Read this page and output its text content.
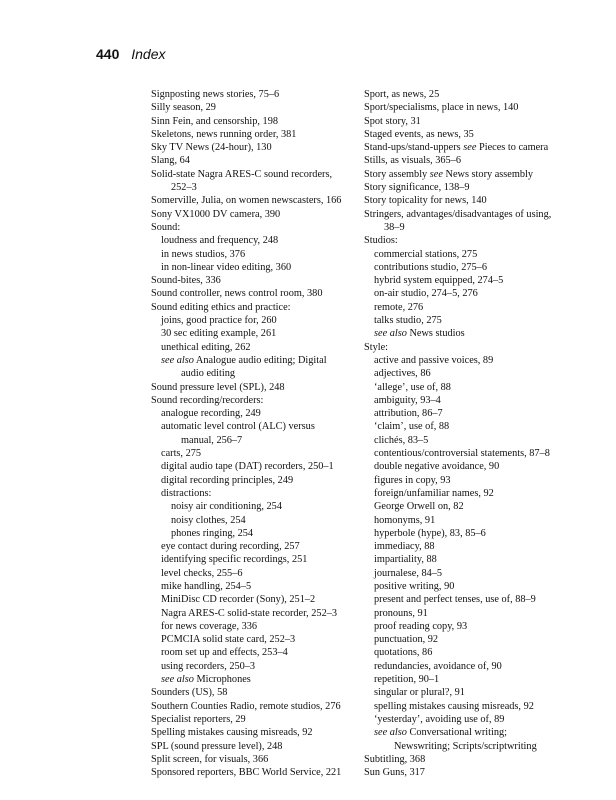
440 Index
Signposting news stories, 75–6
Silly season, 29
Sinn Fein, and censorship, 198
Skeletons, news running order, 381
Sky TV News (24-hour), 130
Slang, 64
Solid-state Nagra ARES-C sound recorders,
252–3
Somerville, Julia, on women newscasters, 166
Sony VX1000 DV camera, 390
Sound:
loudness and frequency, 248
in news studios, 376
in non-linear video editing, 360
Sound-bites, 336
Sound controller, news control room, 380
Sound editing ethics and practice:
joins, good practice for, 260
30 sec editing example, 261
unethical editing, 262
see also Analogue audio editing; Digital
audio editing
Sound pressure level (SPL), 248
Sound recording/recorders:
analogue recording, 249
automatic level control (ALC) versus
manual, 256–7
carts, 275
digital audio tape (DAT) recorders, 250–1
digital recording principles, 249
distractions:
noisy air conditioning, 254
noisy clothes, 254
phones ringing, 254
eye contact during recording, 257
identifying specific recordings, 251
level checks, 255–6
mike handling, 254–5
MiniDisc CD recorder (Sony), 251–2
Nagra ARES-C solid-state recorder, 252–3
for news coverage, 336
PCMCIA solid state card, 252–3
room set up and effects, 253–4
using recorders, 250–3
see also Microphones
Sounders (US), 58
Southern Counties Radio, remote studios, 276
Specialist reporters, 29
Spelling mistakes causing misreads, 92
SPL (sound pressure level), 248
Split screen, for visuals, 366
Sponsored reporters, BBC World Service, 221
Sport, as news, 25
Sport/specialisms, place in news, 140
Spot story, 31
Staged events, as news, 35
Stand-ups/stand-uppers see Pieces to camera
Stills, as visuals, 365–6
Story assembly see News story assembly
Story significance, 138–9
Story topicality for news, 140
Stringers, advantages/disadvantages of using,
38–9
Studios:
commercial stations, 275
contributions studio, 275–6
hybrid system equipped, 274–5
on-air studio, 274–5, 276
remote, 276
talks studio, 275
see also News studios
Style:
active and passive voices, 89
adjectives, 86
‘allege’, use of, 88
ambiguity, 93–4
attribution, 86–7
‘claim’, use of, 88
clichés, 83–5
contentious/controversial statements, 87–8
double negative avoidance, 90
figures in copy, 93
foreign/unfamiliar names, 92
George Orwell on, 82
homonyms, 91
hyperbole (hype), 83, 85–6
immediacy, 88
impartiality, 88
journalese, 84–5
positive writing, 90
present and perfect tenses, use of, 88–9
pronouns, 91
proof reading copy, 93
punctuation, 92
quotations, 86
redundancies, avoidance of, 90
repetition, 90–1
singular or plural?, 91
spelling mistakes causing misreads, 92
‘yesterday’, avoiding use of, 89
see also Conversational writing;
Newswriting; Scripts/scriptwriting
Subtitling, 368
Sun Guns, 317
